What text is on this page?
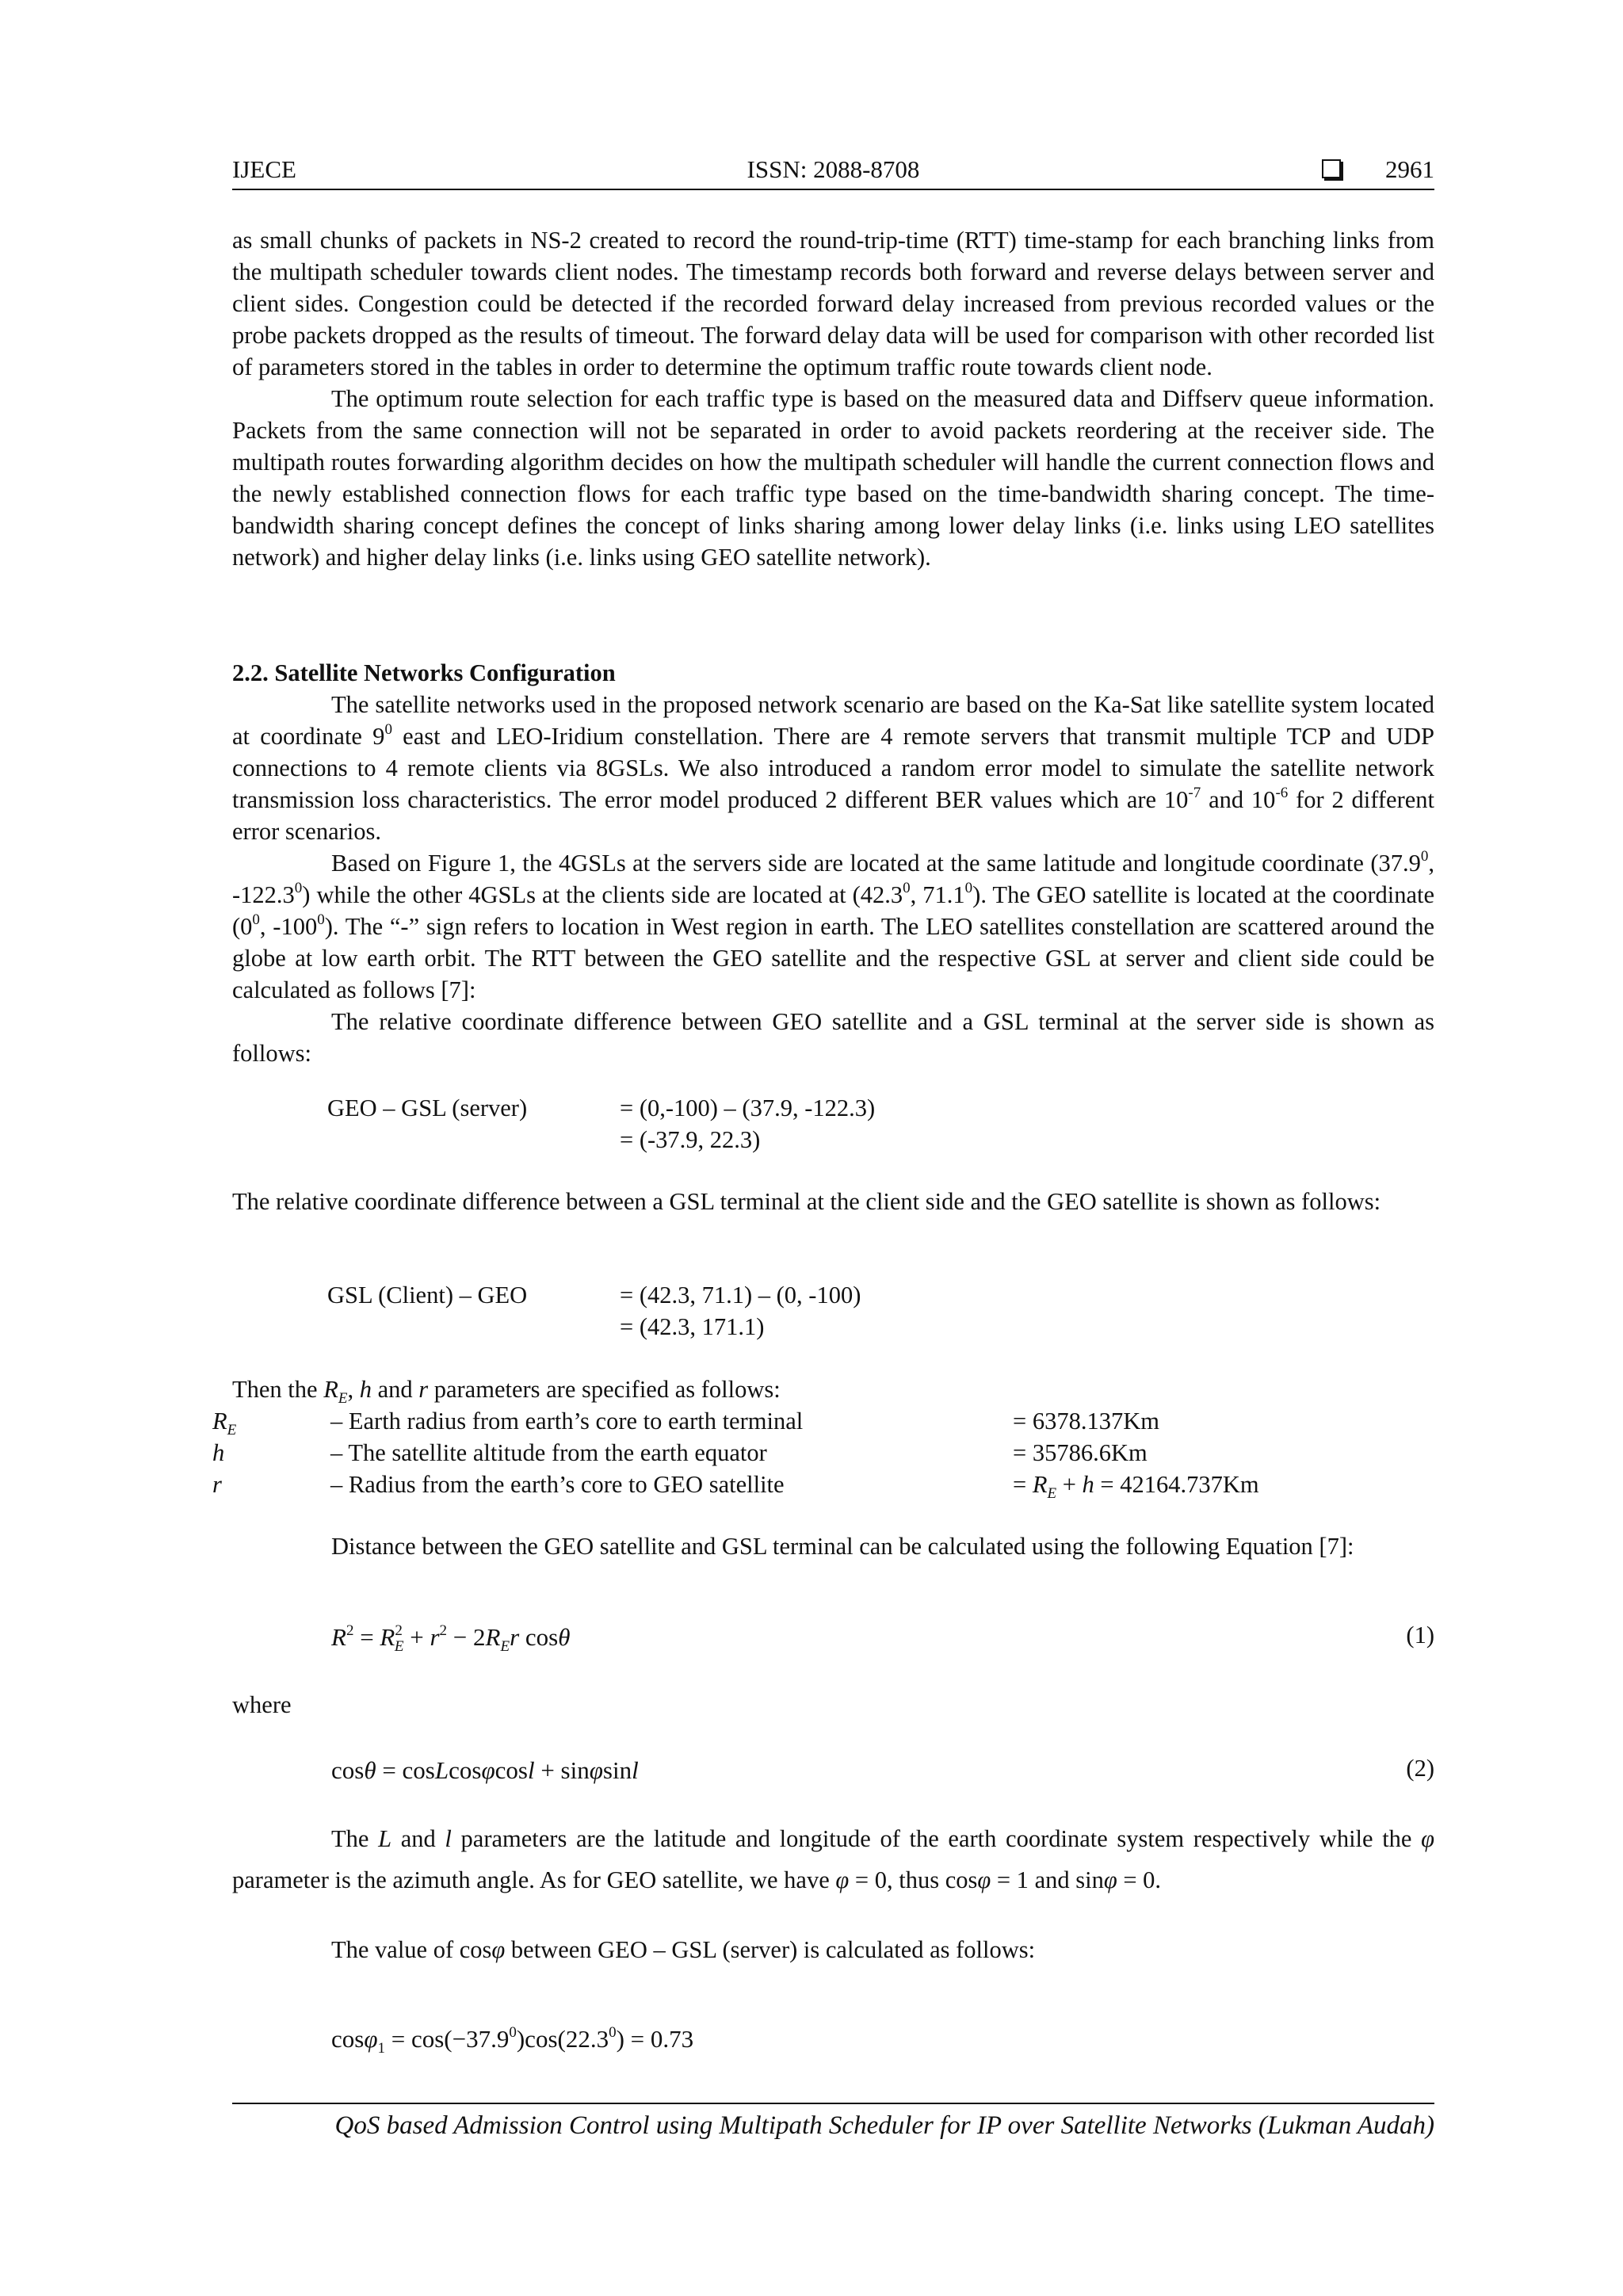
IJECE	ISSN: 2088-8708	2961

as small chunks of packets in NS-2 created to record the round-trip-time (RTT) time-stamp for each branching links from the multipath scheduler towards client nodes. The timestamp records both forward and reverse delays between server and client sides. Congestion could be detected if the recorded forward delay increased from previous recorded values or the probe packets dropped as the results of timeout. The forward delay data will be used for comparison with other recorded list of parameters stored in the tables in order to determine the optimum traffic route towards client node.

The optimum route selection for each traffic type is based on the measured data and Diffserv queue information. Packets from the same connection will not be separated in order to avoid packets reordering at the receiver side. The multipath routes forwarding algorithm decides on how the multipath scheduler will handle the current connection flows and the newly established connection flows for each traffic type based on the time-bandwidth sharing concept. The time-bandwidth sharing concept defines the concept of links sharing among lower delay links (i.e. links using LEO satellites network) and higher delay links (i.e. links using GEO satellite network).

2.2. Satellite Networks Configuration

The satellite networks used in the proposed network scenario are based on the Ka-Sat like satellite system located at coordinate $9^0$ east and LEO-Iridium constellation. There are 4 remote servers that transmit multiple TCP and UDP connections to 4 remote clients via 8GSLs. We also introduced a random error model to simulate the satellite network transmission loss characteristics. The error model produced 2 different BER values which are $10^{-7}$ and $10^{-6}$ for 2 different error scenarios.

Based on Figure 1, the 4GSLs at the servers side are located at the same latitude and longitude coordinate (37.9$^0$, -122.3$^0$) while the other 4GSLs at the clients side are located at (42.3$^0$, 71.1$^0$). The GEO satellite is located at the coordinate ($0^0$, $-100^0$). The “-” sign refers to location in West region in earth. The LEO satellites constellation are scattered around the globe at low earth orbit. The RTT between the GEO satellite and the respective GSL at server and client side could be calculated as follows [7]:

The relative coordinate difference between GEO satellite and a GSL terminal at the server side is shown as follows:

GEO – GSL (server)	= (0,-100) – (37.9, -122.3)
= (-37.9, 22.3)

The relative coordinate difference between a GSL terminal at the client side and the GEO satellite is shown as follows:

GSL (Client) – GEO	= (42.3, 71.1) – (0, -100)
= (42.3, 171.1)

Then the $R_E$, h and r parameters are specified as follows:

$R_E$	– Earth radius from earth’s core to earth terminal	= 6378.137Km
h	– The satellite altitude from the earth equator	= 35786.6Km
r	– Radius from the earth’s core to GEO satellite	= $R_E + h = 42164.737Km$

Distance between the GEO satellite and GSL terminal can be calculated using the following Equation [7]:

$R^2 = R^2_E + r^2 - 2R_Er$ cosθ	(1)
where
cosθ = cosLcosφcosl + sinφsinl	(2)

The L and l parameters are the latitude and longitude of the earth coordinate system respectively while the φ parameter is the azimuth angle. As for GEO satellite, we have φ = 0, thus cosφ = 1 and sinφ = 0.

The value of cosφ between GEO – GSL (server) is calculated as follows:

$\cos\varphi_1 = \cos(-37.9^0)\cos(22.3^0) = 0.73$
QoS based Admission Control using Multipath Scheduler for IP over Satellite Networks (Lukman Audah)
